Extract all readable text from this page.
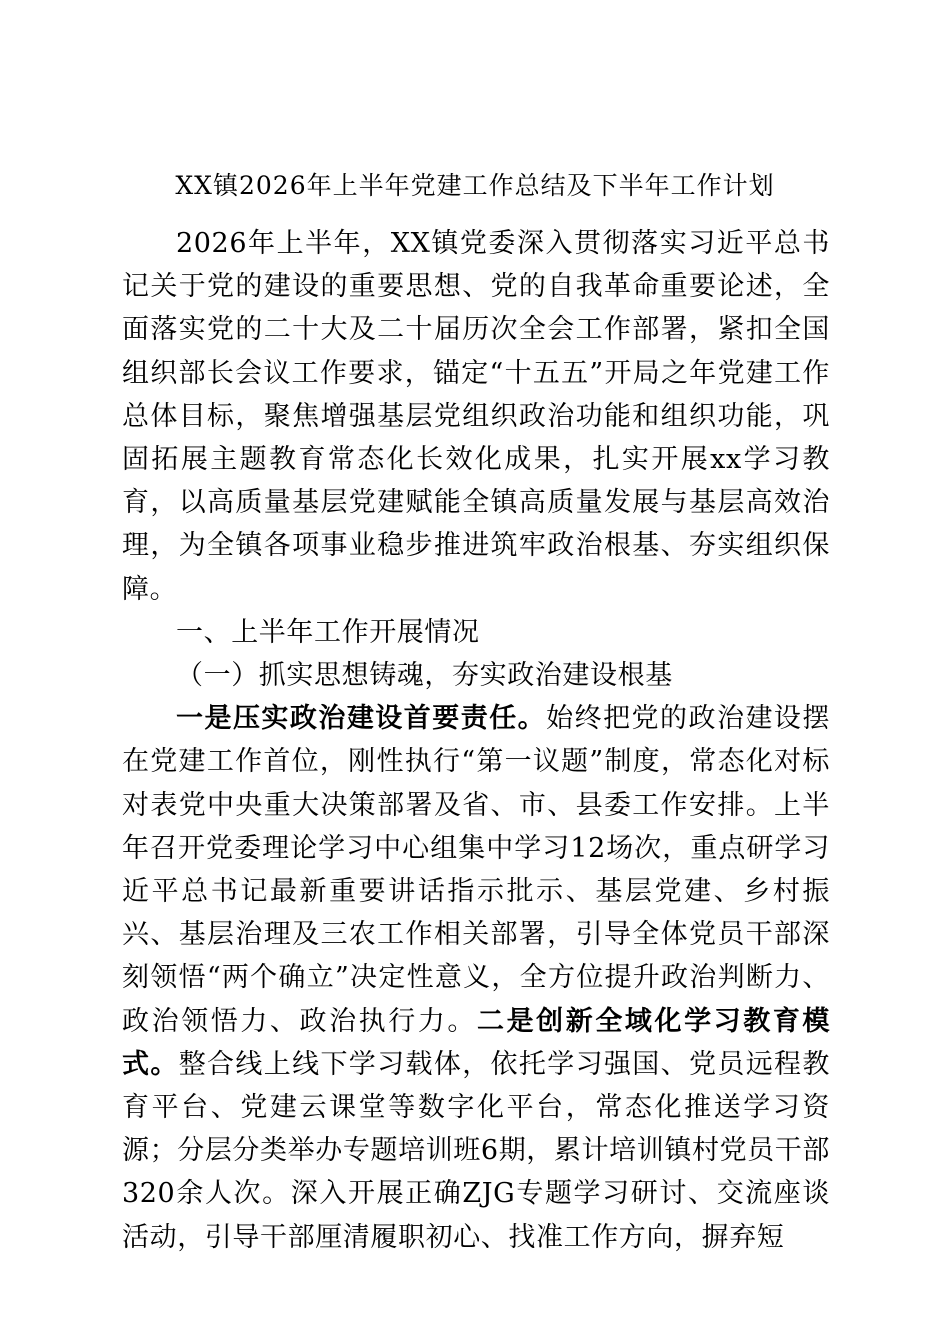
XX镇2026年上半年党建工作总结及下半年工作计划

2026年上半年，XX镇党委深入贯彻落实习近平总书记关于党的建设的重要思想、党的自我革命重要论述，全面落实党的二十大及二十届历次全会工作部署，紧扣全国组织部长会议工作要求，锚定“十五五”开局之年党建工作总体目标，聚焦增强基层党组织政治功能和组织功能，巩固拓展主题教育常态化长效化成果，扎实开展xx学习教育，以高质量基层党建赋能全镇高质量发展与基层高效治理，为全镇各项事业稳步推进筑牢政治根基、夯实组织保障。

一、上半年工作开展情况

（一）抓实思想铸魂，夯实政治建设根基

一是压实政治建设首要责任。始终把党的政治建设摆在党建工作首位，刚性执行“第一议题”制度，常态化对标对表党中央重大决策部署及省、市、县委工作安排。上半年召开党委理论学习中心组集中学习12场次，重点研学习近平总书记最新重要讲话指示批示、基层党建、乡村振兴、基层治理及三农工作相关部署，引导全体党员干部深刻领悟“两个确立”决定性意义，全方位提升政治判断力、政治领悟力、政治执行力。二是创新全域化学习教育模式。整合线上线下学习载体，依托学习强国、党员远程教育平台、党建云课堂等数字化平台，常态化推送学习资源；分层分类举办专题培训班6期，累计培训镇村党员干部320余人次。深入开展正确ZJG专题学习研讨、交流座谈活动，引导干部厘清履职初心、找准工作方向，摒弃短
